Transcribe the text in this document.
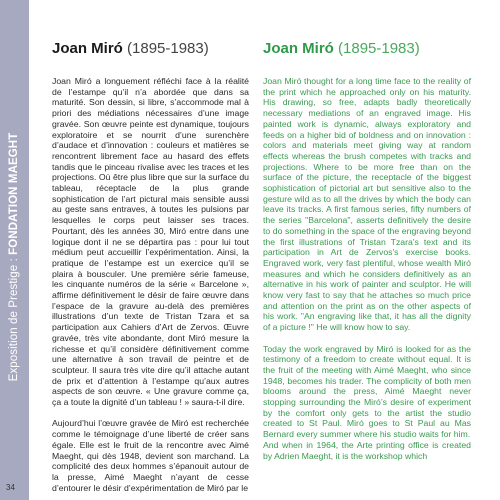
Exposition de Prestige : FONDATION MAEGHT
34
Joan Miró (1895-1983)

Joan Miró a longuement réfléchi face à la réalité de l’estampe qu’il n’a abordée que dans sa maturité. Son dessin, si libre, s’accommode mal à priori des médiations nécessaires d’une image gravée. Son œuvre peinte est dynamique, toujours exploratoire et se nourrit d’une surenchère d’audace et d’innovation : couleurs et matières se rencontrent librement face au hasard des effets tandis que le pinceau rivalise avec les traces et les projections. Où être plus libre que sur la surface du tableau, réceptacle de la plus grande sophistication de l’art pictural mais sensible aussi au geste sans entraves, à toutes les pulsions par lesquelles le corps peut laisser ses traces. Pourtant, dès les années 30, Miró entre dans une logique dont il ne se départira pas : pour lui tout médium peut accueillir l’expérimentation. Ainsi, la pratique de l’estampe est un exercice qu’il se plaira à bousculer. Une première série fameuse, les cinquante numéros de la série « Barcelone », affirme définitivement le désir de faire œuvre dans l’espace de la gravure au-delà des premières illustrations d’un texte de Tristan Tzara et sa participation aux Cahiers d’Art de Zervos. Œuvre gravée, très vite abondante, dont Miró mesure la richesse et qu’il considère définitivement comme une alternative à son travail de peintre et de sculpteur. Il saura très vite dire qu’il attache autant de prix et d’attention à l’estampe qu’aux autres aspects de son œuvre. « Une gravure comme ça, ça a toute la dignité d’un tableau ! » saura-t-il dire.

Aujourd’hui l’œuvre gravée de Miró est recherchée comme le témoignage d’une liberté de créer sans égale. Elle est le fruit de la rencontre avec Aimé Maeght, qui dès 1948, devient son marchand. La complicité des deux hommes s’épanouit autour de la presse, Aimé Maeght n’ayant de cesse d’entourer le désir d’expérimentation de Miró par le

Joan Miró (1895-1983)

Joan Miró thought for a long time face to the reality of the print which he approached only on his maturity. His drawing, so free, adapts badly theoretically necessary mediations of an engraved image. His painted work is dynamic, always exploratory and feeds on a higher bid of boldness and on innovation : colors and materials meet giving way at random effects whereas the brush competes with tracks and projections. Where to be more free than on the surface of the picture, the receptacle of the biggest sophistication of pictorial art but sensitive also to the gesture wild as to all the drives by which the body can leave its tracks. A first famous series, fifty numbers of the series "Barcelona", asserts definitively the desire to do something in the space of the engraving beyond the first illustrations of Tristan Tzara's text and its participation in Art de Zervos's exercise books. Engraved work, very fast plentiful, whose wealth Miró measures and which he considers definitively as an alternative in his work of painter and sculptor. He will know very fast to say that he attaches so much price and attention on the print as on the other aspects of his work. "An engraving like that, it has all the dignity of a picture !" He will know how to say.

Today the work engraved by Miró is looked for as the testimony of a freedom to create without equal. It is the fruit of the meeting with Aimé Maeght, who since 1948, becomes his trader. The complicity of both men blooms around the press, Aimé Maeght never stopping surrounding the Miró’s desire of experiment by the comfort only gets to the artist the studio created to St Paul. Miró goes to St Paul au Mas Bernard every summer where his studio waits for him.
And when in 1964, the Arte printing office is created by Adrien Maeght, it is the workshop which
